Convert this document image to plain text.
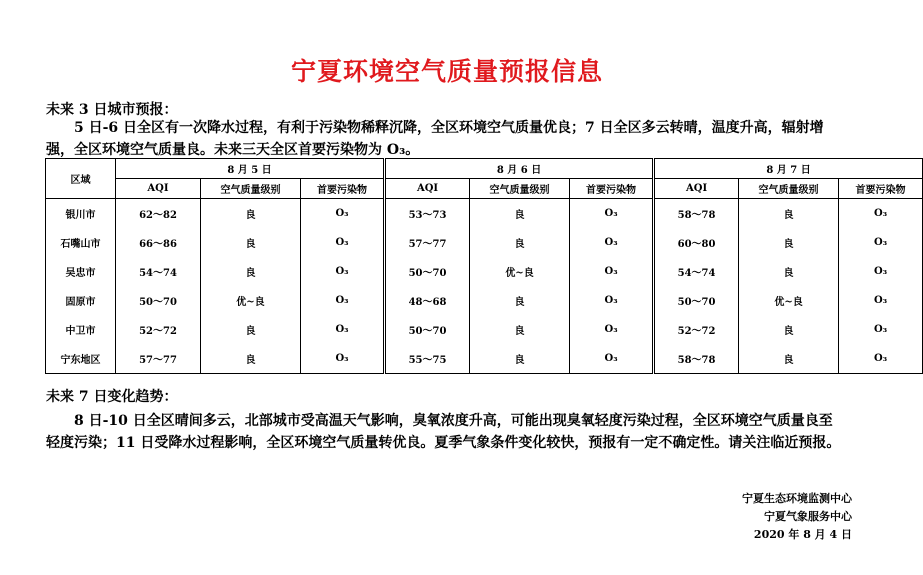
宁夏环境空气质量预报信息
未来 3 日城市预报：
5 日-6 日全区有一次降水过程，有利于污染物稀释沉降，全区环境空气质量优良；7 日全区多云转晴，温度升高，辐射增强，全区环境空气质量良。未来三天全区首要污染物为 O₃。
区域	8 月 5 日			8 月 6 日			8 月 7 日		
	AQI	空气质量级别	首要污染物	AQI	空气质量级别	首要污染物	AQI	空气质量级别	首要污染物
银川市	62～82	良	O₃	53～73	良	O₃	58～78	良	O₃
石嘴山市	66～86	良	O₃	57～77	良	O₃	60～80	良	O₃
吴忠市	54～74	良	O₃	50～70	优~良	O₃	54～74	良	O₃
固原市	50～70	优~良	O₃	48～68	良	O₃	50～70	优~良	O₃
中卫市	52～72	良	O₃	50～70	良	O₃	52～72	良	O₃
宁东地区	57～77	良	O₃	55～75	良	O₃	58～78	良	O₃
未来 7 日变化趋势：
8 日-10 日全区晴间多云，北部城市受高温天气影响，臭氧浓度升高，可能出现臭氧轻度污染过程，全区环境空气质量良至轻度污染；11 日受降水过程影响，全区环境空气质量转优良。夏季气象条件变化较快，预报有一定不确定性。请关注临近预报。
宁夏生态环境监测中心
宁夏气象服务中心
2020 年 8 月 4 日
